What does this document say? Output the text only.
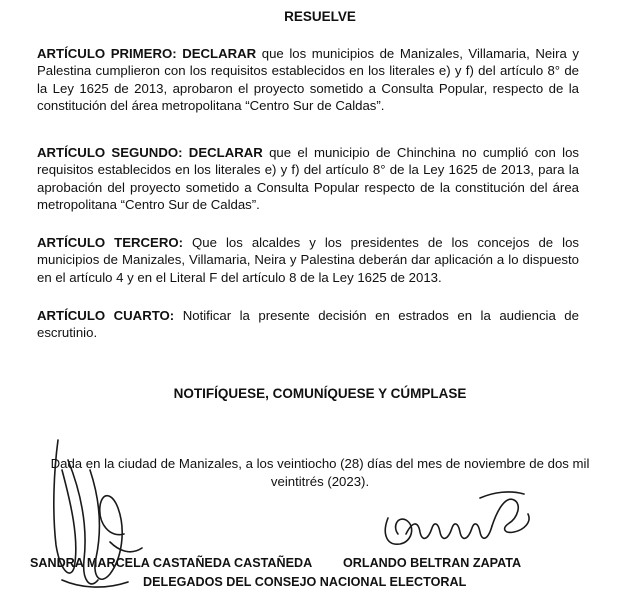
RESUELVE

ARTÍCULO PRIMERO: DECLARAR que los municipios de Manizales, Villamaria, Neira y Palestina cumplieron con los requisitos establecidos en los literales e) y f) del artículo 8° de la Ley 1625 de 2013, aprobaron el proyecto sometido a Consulta Popular, respecto de la constitución del área metropolitana “Centro Sur de Caldas”.

ARTÍCULO SEGUNDO: DECLARAR que el municipio de Chinchina no cumplió con los requisitos establecidos en los literales e) y f) del artículo 8° de la Ley 1625 de 2013, para la aprobación del proyecto sometido a Consulta Popular respecto de la constitución del área metropolitana “Centro Sur de Caldas”.

ARTÍCULO TERCERO: Que los alcaldes y los presidentes de los concejos de los municipios de Manizales, Villamaria, Neira y Palestina deberán dar aplicación a lo dispuesto en el artículo 4 y en el Literal F del artículo 8 de la Ley 1625 de 2013.

ARTÍCULO CUARTO: Notificar la presente decisión en estrados en la audiencia de escrutinio.

NOTIFÍQUESE, COMUNÍQUESE Y CÚMPLASE
Dada en la ciudad de Manizales, a los veintiocho (28) días del mes de noviembre de dos mil veintitrés (2023).
SANDRA MARCELA CASTAÑEDA CASTAÑEDA ORLANDO BELTRAN ZAPATA
DELEGADOS DEL CONSEJO NACIONAL ELECTORAL
